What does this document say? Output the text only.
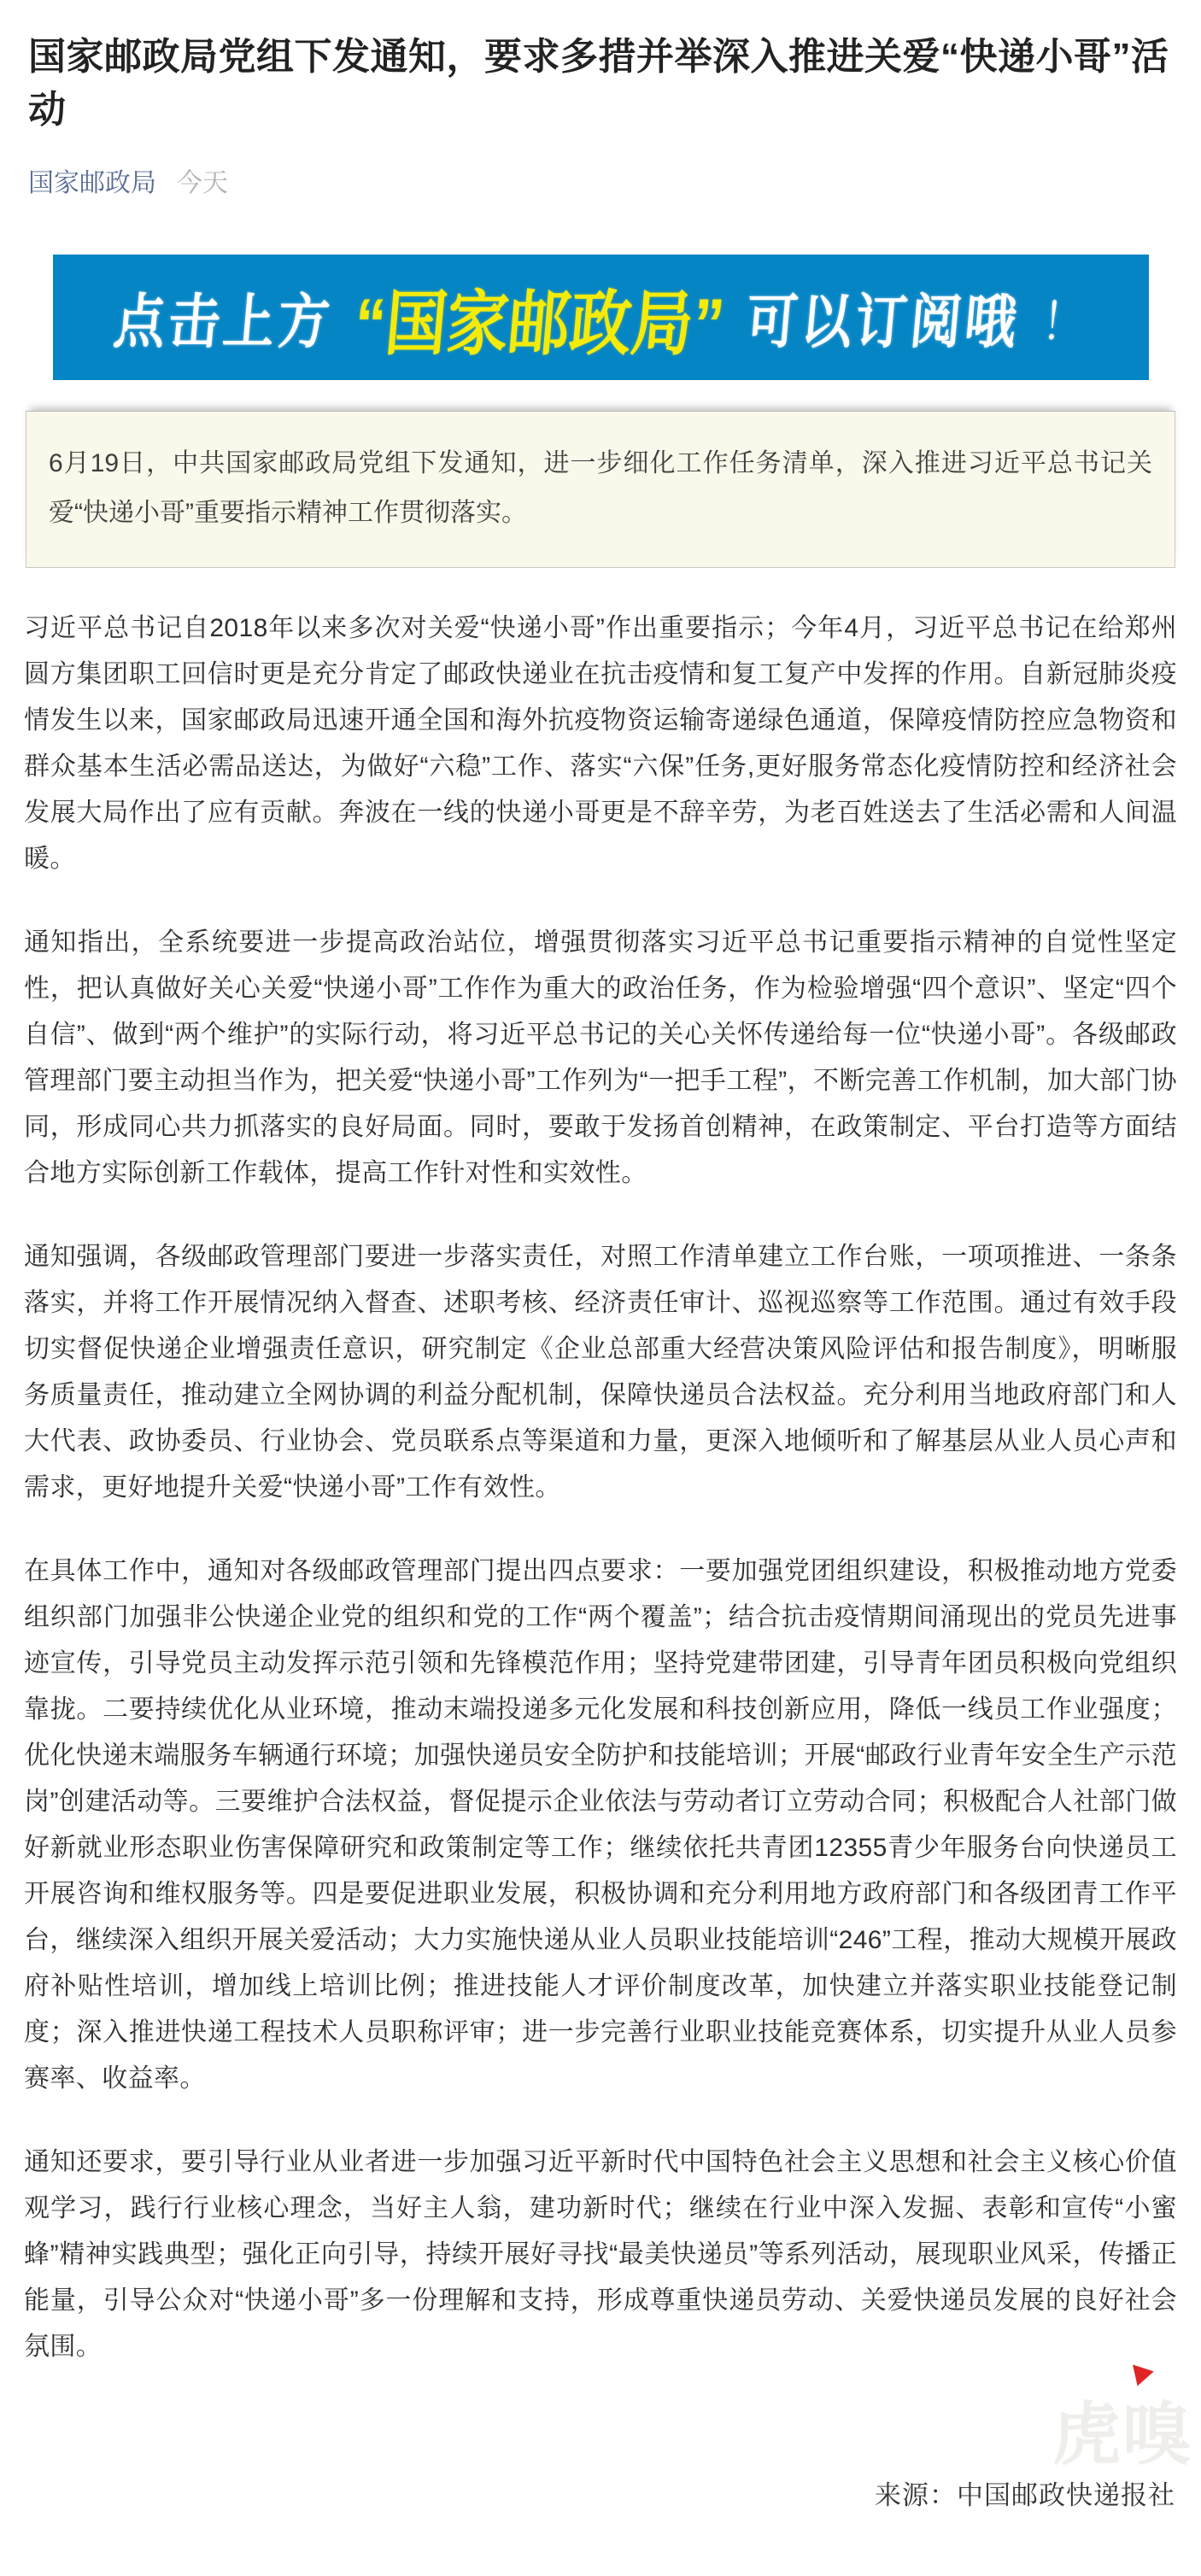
国家邮政局党组下发通知，要求多措并举深入推进关爱“快递小哥”活动
国家邮政局 今天
点击上方 “国家邮政局” 可以订阅哦 ！
6月19日，中共国家邮政局党组下发通知，进一步细化工作任务清单，深入推进习近平总书记关爱“快递小哥”重要指示精神工作贯彻落实。

习近平总书记自2018年以来多次对关爱“快递小哥”作出重要指示；今年4月，习近平总书记在给郑州圆方集团职工回信时更是充分肯定了邮政快递业在抗击疫情和复工复产中发挥的作用。自新冠肺炎疫情发生以来，国家邮政局迅速开通全国和海外抗疫物资运输寄递绿色通道，保障疫情防控应急物资和群众基本生活必需品送达，为做好“六稳”工作、落实“六保”任务,更好服务常态化疫情防控和经济社会发展大局作出了应有贡献。奔波在一线的快递小哥更是不辞辛劳，为老百姓送去了生活必需和人间温暖。

通知指出，全系统要进一步提高政治站位，增强贯彻落实习近平总书记重要指示精神的自觉性坚定性，把认真做好关心关爱“快递小哥”工作作为重大的政治任务，作为检验增强“四个意识”、坚定“四个自信”、做到“两个维护”的实际行动，将习近平总书记的关心关怀传递给每一位“快递小哥”。各级邮政管理部门要主动担当作为，把关爱“快递小哥”工作列为“一把手工程”，不断完善工作机制，加大部门协同，形成同心共力抓落实的良好局面。同时，要敢于发扬首创精神，在政策制定、平台打造等方面结合地方实际创新工作载体，提高工作针对性和实效性。

通知强调，各级邮政管理部门要进一步落实责任，对照工作清单建立工作台账，一项项推进、一条条落实，并将工作开展情况纳入督查、述职考核、经济责任审计、巡视巡察等工作范围。通过有效手段切实督促快递企业增强责任意识，研究制定《企业总部重大经营决策风险评估和报告制度》，明晰服务质量责任，推动建立全网协调的利益分配机制，保障快递员合法权益。充分利用当地政府部门和人大代表、政协委员、行业协会、党员联系点等渠道和力量，更深入地倾听和了解基层从业人员心声和需求，更好地提升关爱“快递小哥”工作有效性。

在具体工作中，通知对各级邮政管理部门提出四点要求：一要加强党团组织建设，积极推动地方党委组织部门加强非公快递企业党的组织和党的工作“两个覆盖”；结合抗击疫情期间涌现出的党员先进事迹宣传，引导党员主动发挥示范引领和先锋模范作用；坚持党建带团建，引导青年团员积极向党组织靠拢。二要持续优化从业环境，推动末端投递多元化发展和科技创新应用，降低一线员工作业强度；优化快递末端服务车辆通行环境；加强快递员安全防护和技能培训；开展“邮政行业青年安全生产示范岗”创建活动等。三要维护合法权益，督促提示企业依法与劳动者订立劳动合同；积极配合人社部门做好新就业形态职业伤害保障研究和政策制定等工作；继续依托共青团12355青少年服务台向快递员工开展咨询和维权服务等。四是要促进职业发展，积极协调和充分利用地方政府部门和各级团青工作平台，继续深入组织开展关爱活动；大力实施快递从业人员职业技能培训“246”工程，推动大规模开展政府补贴性培训，增加线上培训比例；推进技能人才评价制度改革，加快建立并落实职业技能登记制度；深入推进快递工程技术人员职称评审；进一步完善行业职业技能竞赛体系，切实提升从业人员参赛率、收益率。

通知还要求，要引导行业从业者进一步加强习近平新时代中国特色社会主义思想和社会主义核心价值观学习，践行行业核心理念，当好主人翁，建功新时代；继续在行业中深入发掘、表彰和宣传“小蜜蜂”精神实践典型；强化正向引导，持续开展好寻找“最美快递员”等系列活动，展现职业风采，传播正能量，引导公众对“快递小哥”多一份理解和支持，形成尊重快递员劳动、关爱快递员发展的良好社会氛围。

虎嗅
来源：中国邮政快递报社
